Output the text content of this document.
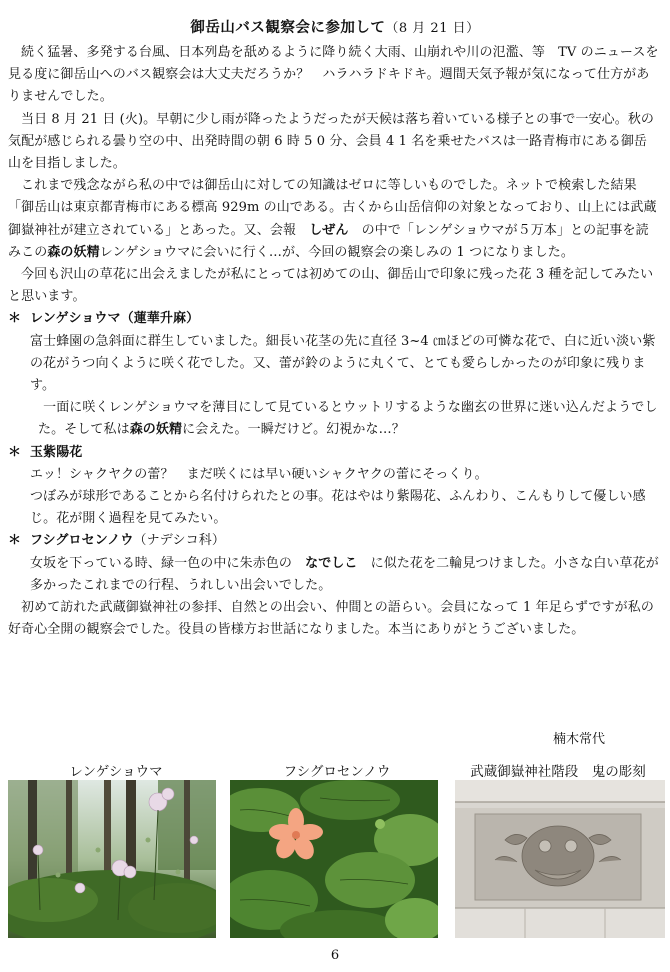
御岳山バス観察会に参加して（8 月 21 日）

続く猛暑、多発する台風、日本列島を舐めるように降り続く大雨、山崩れや川の氾濫、等　TV のニュースを見る度に御岳山へのバス観察会は大丈夫だろうか？　ハラハラドキドキ。週間天気予報が気になって仕方がありませんでした。

当日 8 月 21 日 (火)。早朝に少し雨が降ったようだったが天候は落ち着いている様子との事で一安心。秋の気配が感じられる曇り空の中、出発時間の朝 6 時 5 0 分、会員 4 1 名を乗せたバスは一路青梅市にある御岳山を目指しました。

これまで残念ながら私の中では御岳山に対しての知識はゼロに等しいものでした。ネットで検索した結果「御岳山は東京都青梅市にある標高 929m の山である。古くから山岳信仰の対象となっており、山上には武蔵御嶽神社が建立されている」とあった。又、会報　しぜん　の中で「レンゲショウマが５万本」との記事を読みこの森の妖精レンゲショウマに会いに行く…が、今回の観察会の楽しみの 1 つになりました。

今回も沢山の草花に出会えましたが私にとっては初めての山、御岳山で印象に残った花 3 種を記してみたいと思います。

＊ レンゲショウマ（蓮華升麻）
富士蜂園の急斜面に群生していました。細長い花茎の先に直径 3~4 ㎝ほどの可憐な花で、白に近い淡い紫の花がうつ向くように咲く花でした。又、蕾が鈴のように丸くて、とても愛らしかったのが印象に残ります。
　一面に咲くレンゲショウマを薄目にして見ているとウットリするような幽玄の世界に迷い込んだようでした。そして私は森の妖精に会えた。一瞬だけど。幻視かな…？
＊ 玉紫陽花
エッ！シャクヤクの蕾？　まだ咲くには早い硬いシャクヤクの蕾にそっくり。
つぼみが球形であることから名付けられたとの事。花はやはり紫陽花、ふんわり、こんもりして優しい感じ。花が開く過程を見てみたい。
＊ フシグロセンノウ（ナデシコ科）
女坂を下っている時、緑一色の中に朱赤色の　なでしこ　に似た花を二輪見つけました。小さな白い草花が多かったこれまでの行程、うれしい出会いでした。

初めて訪れた武蔵御嶽神社の参拝、自然との出会い、仲間との語らい。会員になって 1 年足らずですが私の好奇心全開の観察会でした。役員の皆様方お世話になりました。本当にありがとうございました。

楠木常代
レンゲショウマ	フシグロセンノウ	武蔵御嶽神社階段　鬼の彫刻
6
